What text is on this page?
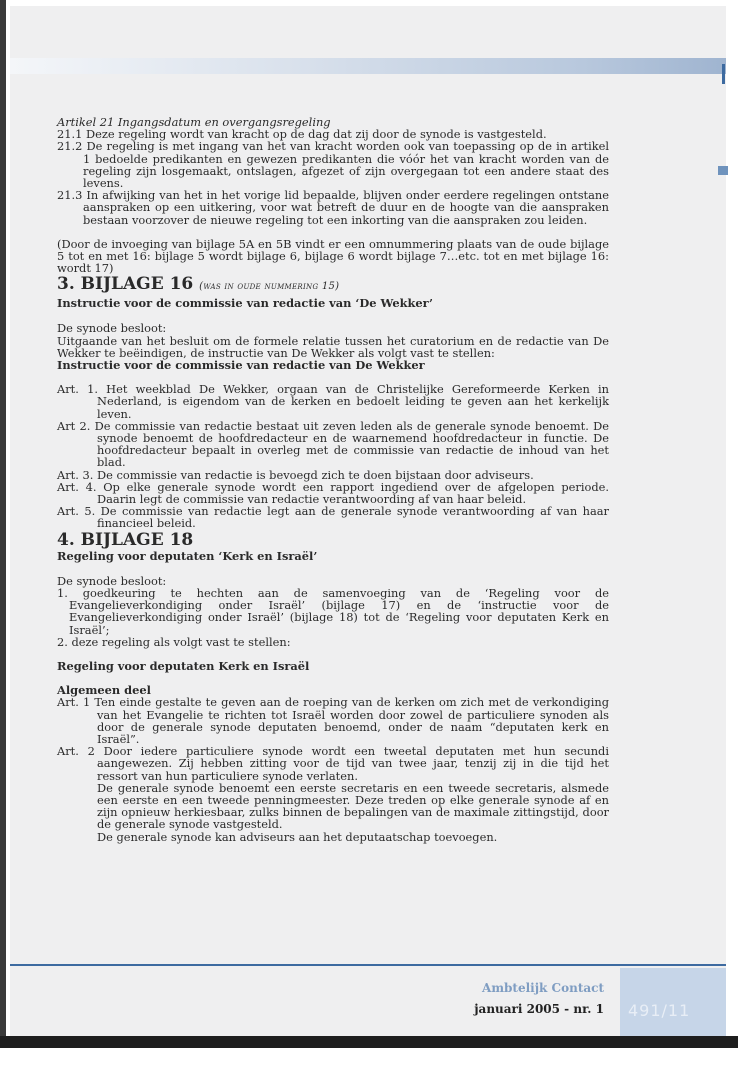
Artikel 21 Ingangsdatum en overgangsregeling

21.1 Deze regeling wordt van kracht op de dag dat zij door de synode is vastgesteld.

21.2 De regeling is met ingang van het van kracht worden ook van toepassing op de in artikel 1 bedoelde predikanten en gewezen predikanten die vóór het van kracht worden van de regeling zijn losgemaakt, ontslagen, afgezet of zijn overgegaan tot een andere staat des levens.

21.3 In afwijking van het in het vorige lid bepaalde, blijven onder eerdere regelingen ontstane aanspraken op een uitkering, voor wat betreft de duur en de hoogte van die aanspraken bestaan voorzover de nieuwe regeling tot een inkorting van die aanspraken zou leiden.

(Door de invoeging van bijlage 5A en 5B vindt er een omnummering plaats van de oude bijlage 5 tot en met 16: bijlage 5 wordt bijlage 6, bijlage 6 wordt bijlage 7…etc. tot en met bijlage 16: wordt 17)

3. BIJLAGE 16 (was in oude nummering 15)

Instructie voor de commissie van redactie van ‘De Wekker’

De synode besloot:

Uitgaande van het besluit om de formele relatie tussen het curatorium en de redactie van De Wekker te beëindigen, de instructie van De Wekker als volgt vast te stellen:

Instructie voor de commissie van redactie van De Wekker

Art. 1. Het weekblad De Wekker, orgaan van de Christelijke Gereformeerde Kerken in Nederland, is eigendom van de kerken en bedoelt leiding te geven aan het kerkelijk leven.

Art 2. De commissie van redactie bestaat uit zeven leden als de generale synode benoemt. De synode benoemt de hoofdredacteur en de waarnemend hoofdredacteur in functie. De hoofdredacteur bepaalt in overleg met de commissie van redactie de inhoud van het blad.

Art. 3. De commissie van redactie is bevoegd zich te doen bijstaan door adviseurs.

Art. 4. Op elke generale synode wordt een rapport ingediend over de afgelopen periode. Daarin legt de commissie van redactie verantwoording af van haar beleid.

Art. 5. De commissie van redactie legt aan de generale synode verantwoording af van haar financieel beleid.

4. BIJLAGE 18

Regeling voor deputaten ‘Kerk en Israël’

De synode besloot:

1. goedkeuring te hechten aan de samenvoeging van de ‘Regeling voor de Evangelieverkondiging onder Israël’ (bijlage 17) en de ‘instructie voor de Evangelieverkondiging onder Israël’ (bijlage 18) tot de ‘Regeling voor deputaten Kerk en Israël’;

2. deze regeling als volgt vast te stellen:

Regeling voor deputaten Kerk en Israël

Algemeen deel

Art. 1 Ten einde gestalte te geven aan de roeping van de kerken om zich met de verkondiging van het Evangelie te richten tot Israël worden door zowel de particuliere synoden als door de generale synode deputaten benoemd, onder de naam “deputaten kerk en Israël”.

Art. 2 Door iedere particuliere synode wordt een tweetal deputaten met hun secundi aangewezen. Zij hebben zitting voor de tijd van twee jaar, tenzij zij in die tijd het ressort van hun particuliere synode verlaten.

De generale synode benoemt een eerste secretaris en een tweede secretaris, alsmede een eerste en een tweede penningmeester. Deze treden op elke generale synode af en zijn opnieuw herkiesbaar, zulks binnen de bepalingen van de maximale zittingstijd, door de generale synode vastgesteld.

De generale synode kan adviseurs aan het deputaatschap toevoegen.

491/11
Ambtelijk Contact
januari 2005 - nr. 1
